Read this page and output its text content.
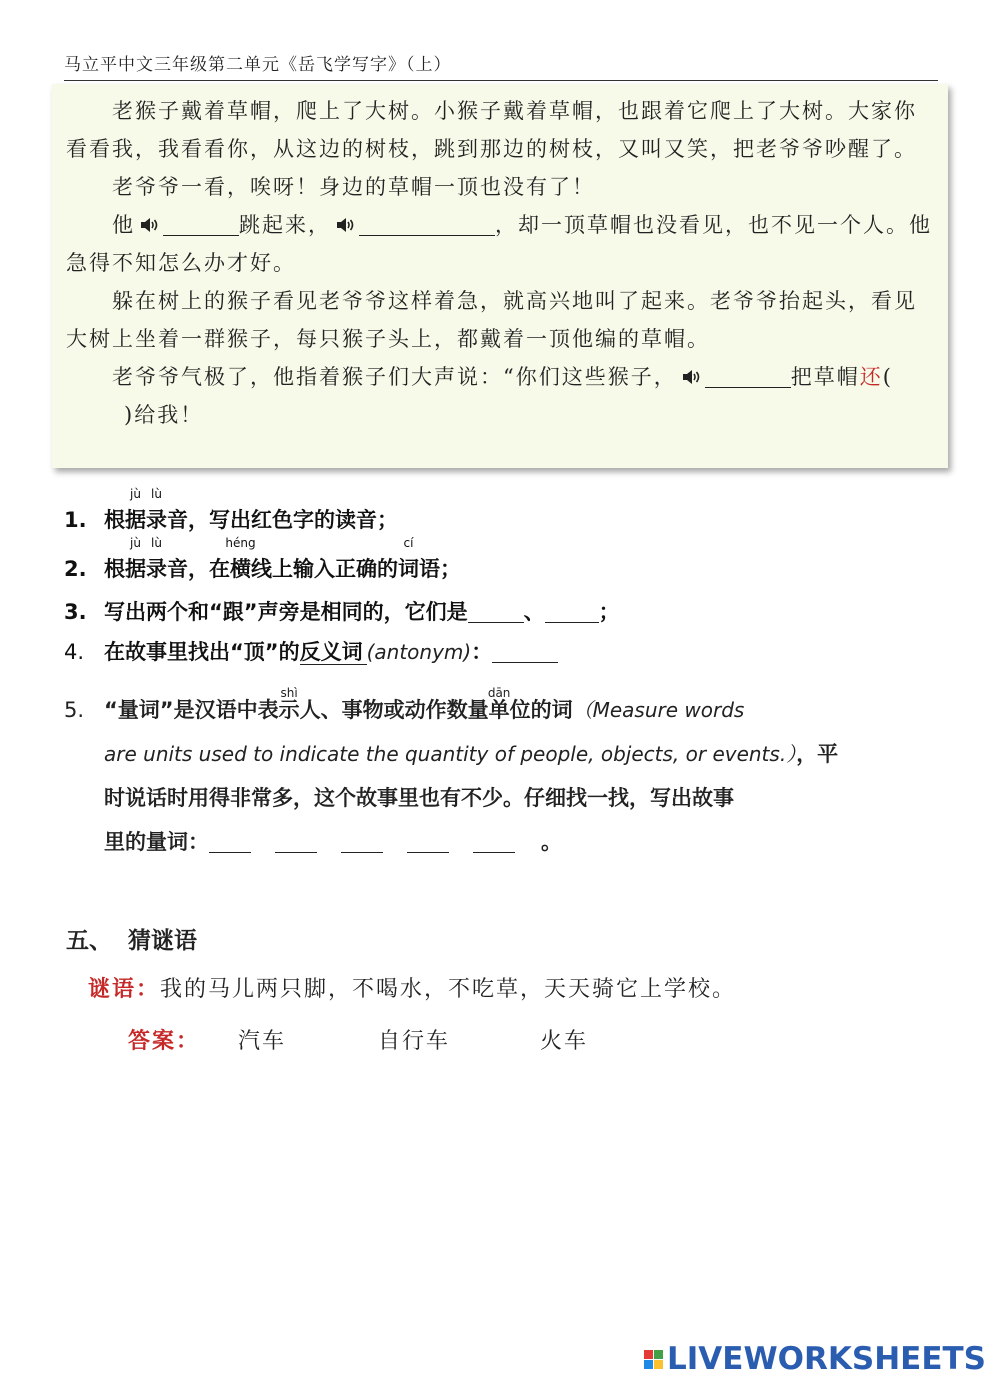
马立平中文三年级第二单元《岳飞学写字》（上）

老猴子戴着草帽，爬上了大树。小猴子戴着草帽，也跟着它爬上了大树。大家你看看我，我看看你，从这边的树枝，跳到那边的树枝，又叫又笑，把老爷爷吵醒了。

老爷爷一看，唉呀！身边的草帽一顶也没有了！

他	跳起来，	，却一顶草帽也没看见，也不见一个人。他急得不知怎么办才好。

躲在树上的猴子看见老爷爷这样着急，就高兴地叫了起来。老爷爷抬起头，看见大树上坐着一群猴子，每只猴子头上，都戴着一顶他编的草帽。

老爷爷气极了，他指着猴子们大声说：“你们这些猴子，	把草帽还()给我！

1. 根
jù
据
lù
录音，写出红色字的读音；
2. 根
jù
据
lù
录音，在
héng
横线上输入正确的
cí
词语；
3. 写出两个和“跟”声旁是相同的，它们是	、	；
4. 在故事里找出“顶”的反义词 (antonym)：
5. “量词”是汉语中表
shì
示人、事物或动作数量
dān
单位的词（Measure words
are units used to indicate the quantity of people, objects, or events.），平
时说话时用得非常多，这个故事里也有不少。仔细找一找，写出故事
里的量词：	。
五、  猜谜语
谜语：我的马儿两只脚，不喝水，不吃草，天天骑它上学校。
答案： 汽车	自行车	火车
LIVEWORKSHEETS
